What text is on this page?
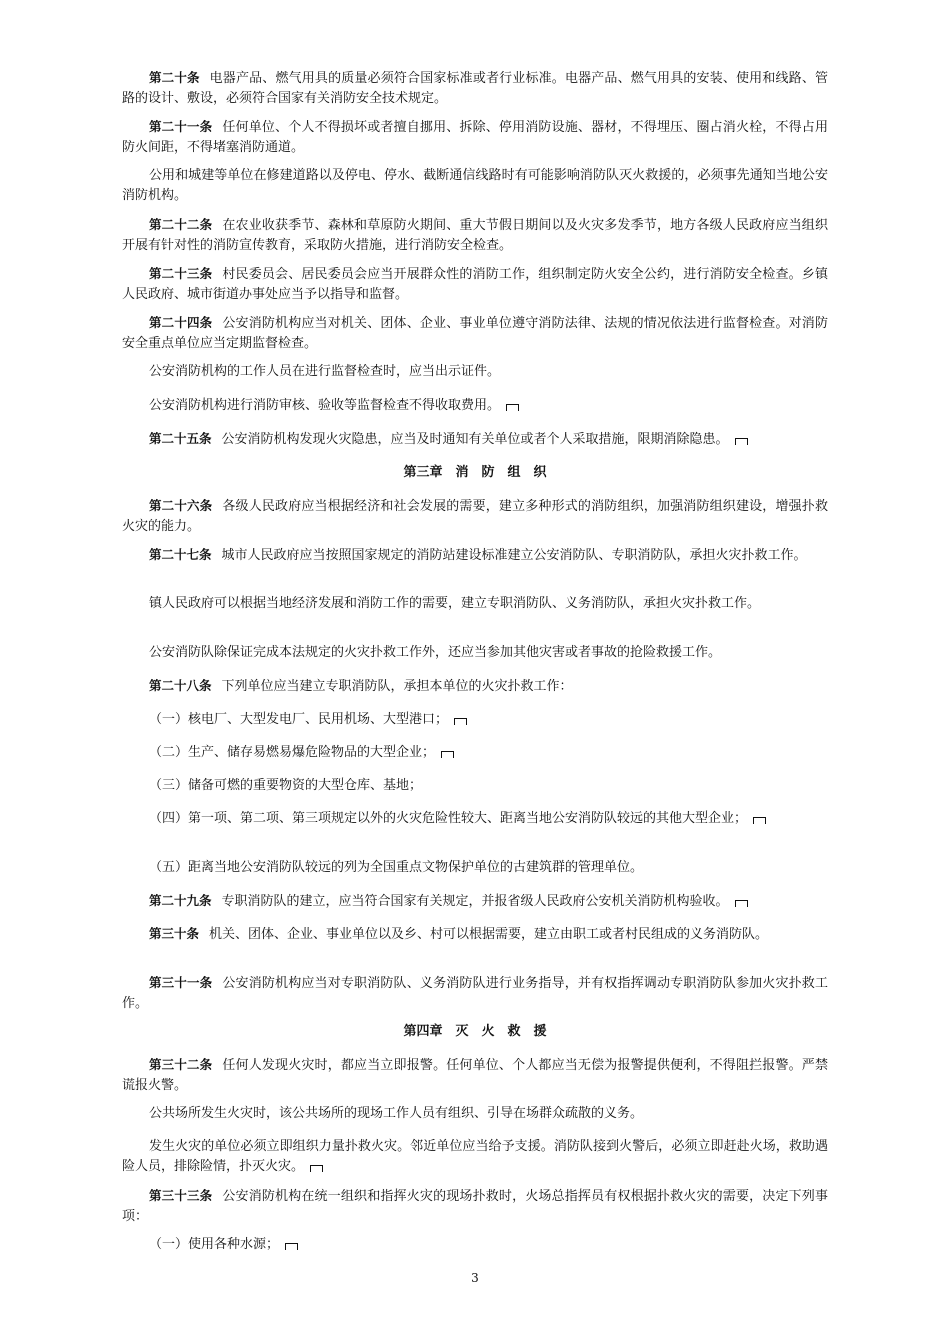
第二十条 电器产品、燃气用具的质量必须符合国家标准或者行业标准。电器产品、燃气用具的安装、使用和线路、管路的设计、敷设，必须符合国家有关消防安全技术规定。
第二十一条 任何单位、个人不得损坏或者擅自挪用、拆除、停用消防设施、器材，不得埋压、圈占消火栓，不得占用防火间距，不得堵塞消防通道。
公用和城建等单位在修建道路以及停电、停水、截断通信线路时有可能影响消防队灭火救援的，必须事先通知当地公安消防机构。
第二十二条 在农业收获季节、森林和草原防火期间、重大节假日期间以及火灾多发季节，地方各级人民政府应当组织开展有针对性的消防宣传教育，采取防火措施，进行消防安全检查。
第二十三条 村民委员会、居民委员会应当开展群众性的消防工作，组织制定防火安全公约，进行消防安全检查。乡镇人民政府、城市街道办事处应当予以指导和监督。
第二十四条 公安消防机构应当对机关、团体、企业、事业单位遵守消防法律、法规的情况依法进行监督检查。对消防安全重点单位应当定期监督检查。
公安消防机构的工作人员在进行监督检查时，应当出示证件。
公安消防机构进行消防审核、验收等监督检查不得收取费用。
第二十五条 公安消防机构发现火灾隐患，应当及时通知有关单位或者个人采取措施，限期消除隐患。
第三章　消　防　组　织
第二十六条 各级人民政府应当根据经济和社会发展的需要，建立多种形式的消防组织，加强消防组织建设，增强扑救火灾的能力。
第二十七条 城市人民政府应当按照国家规定的消防站建设标准建立公安消防队、专职消防队，承担火灾扑救工作。
镇人民政府可以根据当地经济发展和消防工作的需要，建立专职消防队、义务消防队，承担火灾扑救工作。
公安消防队除保证完成本法规定的火灾扑救工作外，还应当参加其他灾害或者事故的抢险救援工作。
第二十八条 下列单位应当建立专职消防队，承担本单位的火灾扑救工作：
（一）核电厂、大型发电厂、民用机场、大型港口；
（二）生产、储存易燃易爆危险物品的大型企业；
（三）储备可燃的重要物资的大型仓库、基地；
（四）第一项、第二项、第三项规定以外的火灾危险性较大、距离当地公安消防队较远的其他大型企业；
（五）距离当地公安消防队较远的列为全国重点文物保护单位的古建筑群的管理单位。
第二十九条 专职消防队的建立，应当符合国家有关规定，并报省级人民政府公安机关消防机构验收。
第三十条 机关、团体、企业、事业单位以及乡、村可以根据需要，建立由职工或者村民组成的义务消防队。
第三十一条 公安消防机构应当对专职消防队、义务消防队进行业务指导，并有权指挥调动专职消防队参加火灾扑救工作。
第四章　灭　火　救　援
第三十二条 任何人发现火灾时，都应当立即报警。任何单位、个人都应当无偿为报警提供便利，不得阻拦报警。严禁谎报火警。
公共场所发生火灾时，该公共场所的现场工作人员有组织、引导在场群众疏散的义务。
发生火灾的单位必须立即组织力量扑救火灾。邻近单位应当给予支援。消防队接到火警后，必须立即赶赴火场，救助遇险人员，排除险情，扑灭火灾。
第三十三条 公安消防机构在统一组织和指挥火灾的现场扑救时，火场总指挥员有权根据扑救火灾的需要，决定下列事项：
（一）使用各种水源；
3
